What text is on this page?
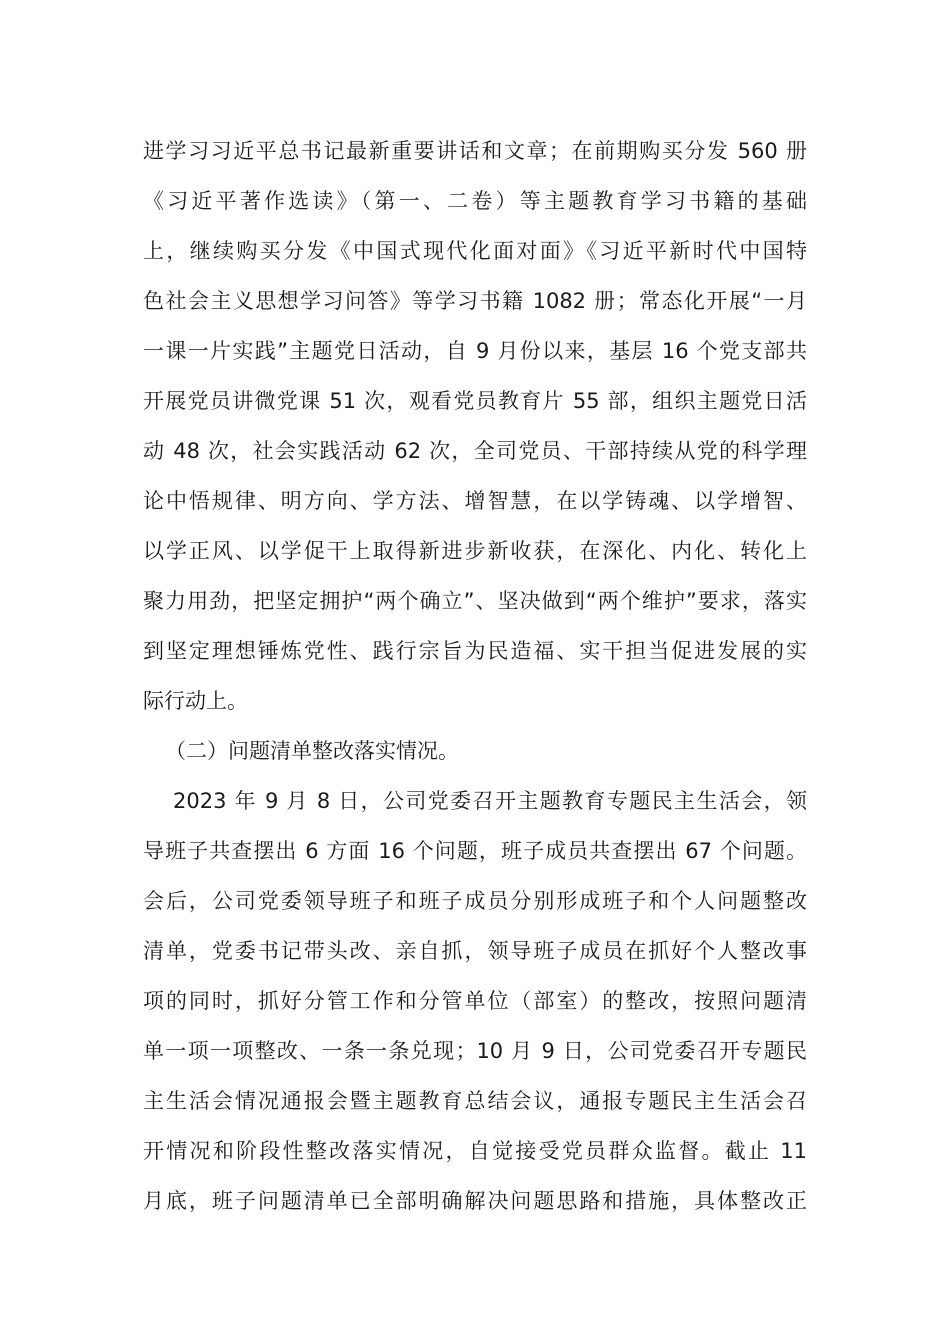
进学习习近平总书记最新重要讲话和文章；在前期购买分发 560 册
《习近平著作选读》（第一、二卷）等主题教育学习书籍的基础
上，继续购买分发《中国式现代化面对面》《习近平新时代中国特
色社会主义思想学习问答》等学习书籍 1082 册；常态化开展“一月
一课一片实践”主题党日活动，自 9 月份以来，基层 16 个党支部共
开展党员讲微党课 51 次，观看党员教育片 55 部，组织主题党日活
动 48 次，社会实践活动 62 次，全司党员、干部持续从党的科学理
论中悟规律、明方向、学方法、增智慧，在以学铸魂、以学增智、
以学正风、以学促干上取得新进步新收获，在深化、内化、转化上
聚力用劲，把坚定拥护“两个确立”、坚决做到“两个维护”要求，落实
到坚定理想锤炼党性、践行宗旨为民造福、实干担当促进发展的实
际行动上。
（二）问题清单整改落实情况。
2023 年 9 月 8 日，公司党委召开主题教育专题民主生活会，领
导班子共查摆出 6 方面 16 个问题，班子成员共查摆出 67 个问题。
会后，公司党委领导班子和班子成员分别形成班子和个人问题整改
清单，党委书记带头改、亲自抓，领导班子成员在抓好个人整改事
项的同时，抓好分管工作和分管单位（部室）的整改，按照问题清
单一项一项整改、一条一条兑现；10 月 9 日，公司党委召开专题民
主生活会情况通报会暨主题教育总结会议，通报专题民主生活会召
开情况和阶段性整改落实情况，自觉接受党员群众监督。截止 11
月底，班子问题清单已全部明确解决问题思路和措施，具体整改正
